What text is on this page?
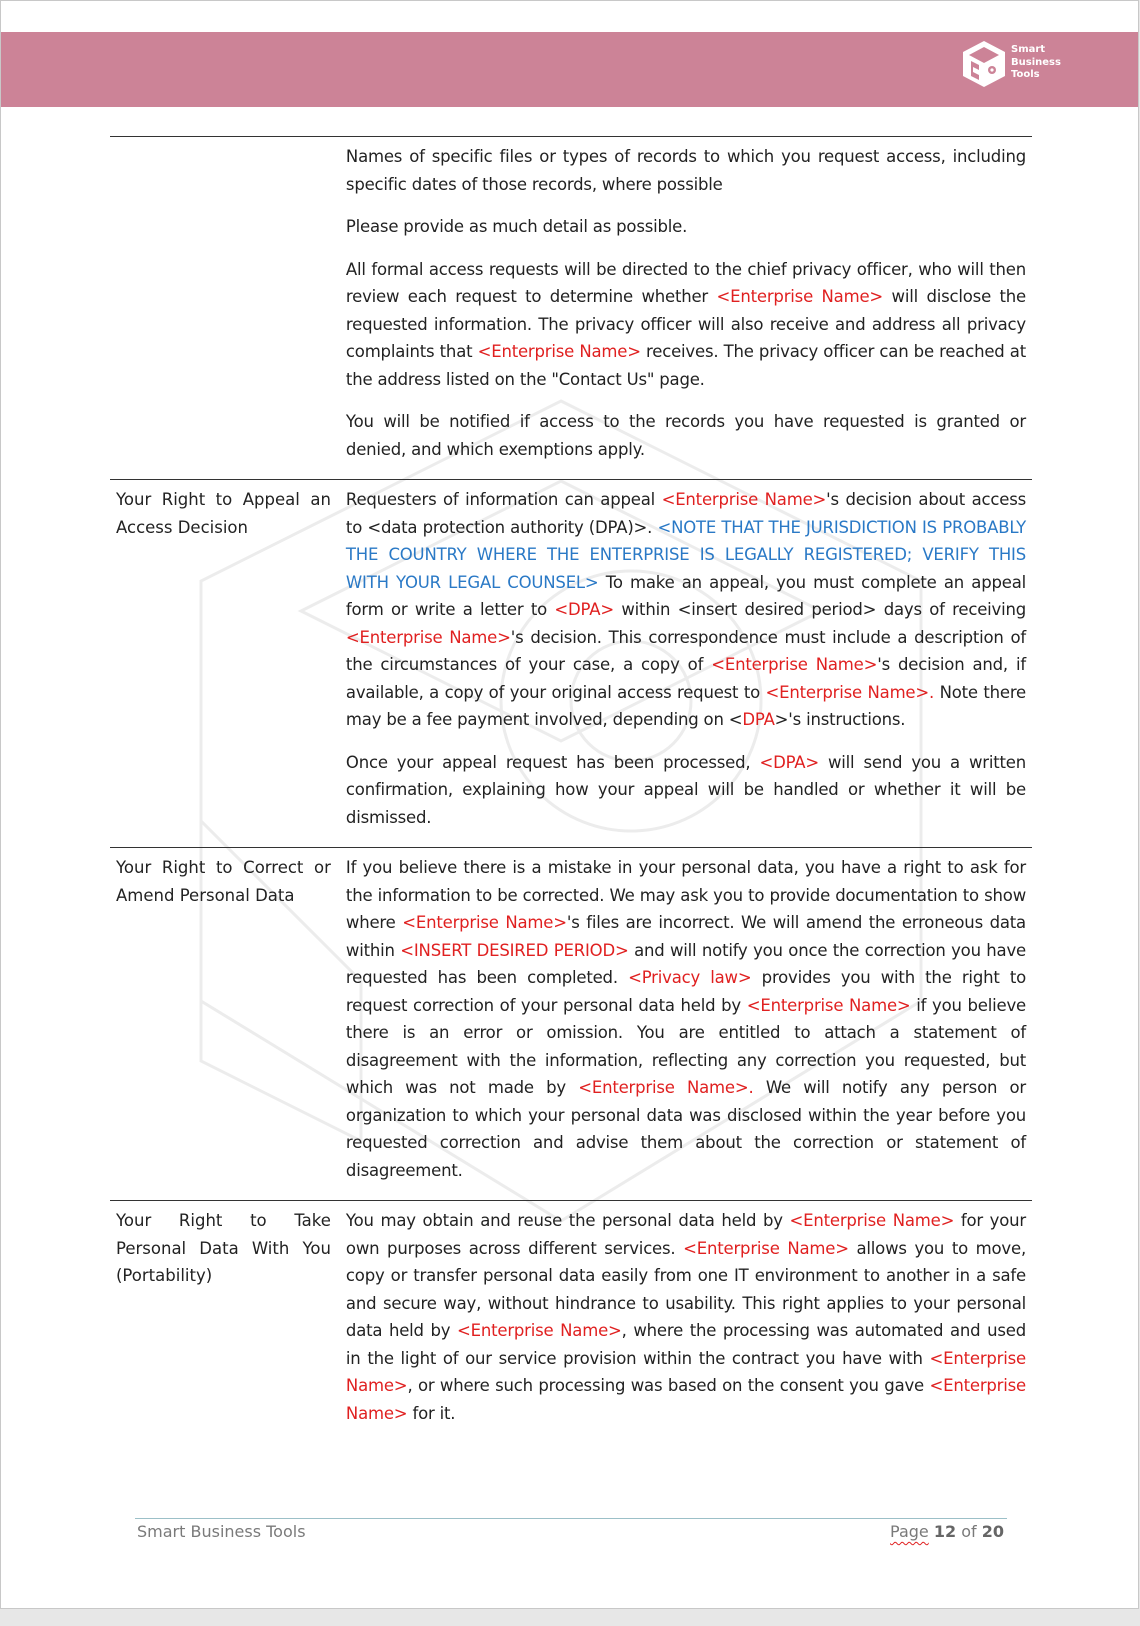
Smart
Business
Tools

	Names of specific files or types of records to which you request access, including specific dates of those records, where possible

Please provide as much detail as possible.

All formal access requests will be directed to the chief privacy officer, who will then review each request to determine whether <Enterprise Name> will disclose the requested information. The privacy officer will also receive and address all privacy complaints that <Enterprise Name> receives. The privacy officer can be reached at the address listed on the "Contact Us" page.

You will be notified if access to the records you have requested is granted or denied, and which exemptions apply.

Your Right to Appeal an Access Decision	Requesters of information can appeal <Enterprise Name>'s decision about access to <data protection authority (DPA)>. <NOTE THAT THE JURISDICTION IS PROBABLY THE COUNTRY WHERE THE ENTERPRISE IS LEGALLY REGISTERED; VERIFY THIS WITH YOUR LEGAL COUNSEL> To make an appeal, you must complete an appeal form or write a letter to <DPA> within <insert desired period> days of receiving <Enterprise Name>'s decision. This correspondence must include a description of the circumstances of your case, a copy of <Enterprise Name>'s decision and, if available, a copy of your original access request to <Enterprise Name>. Note there may be a fee payment involved, depending on <DPA>'s instructions.

Once your appeal request has been processed, <DPA> will send you a written confirmation, explaining how your appeal will be handled or whether it will be dismissed.

Your Right to Correct or Amend Personal Data	If you believe there is a mistake in your personal data, you have a right to ask for the information to be corrected. We may ask you to provide documentation to show where <Enterprise Name>'s files are incorrect. We will amend the erroneous data within <INSERT DESIRED PERIOD> and will notify you once the correction you have requested has been completed. <Privacy law> provides you with the right to request correction of your personal data held by <Enterprise Name> if you believe there is an error or omission. You are entitled to attach a statement of disagreement with the information, reflecting any correction you requested, but which was not made by <Enterprise Name>. We will notify any person or organization to which your personal data was disclosed within the year before you requested correction and advise them about the correction or statement of disagreement.

Your Right to Take Personal Data With You (Portability)	You may obtain and reuse the personal data held by <Enterprise Name> for your own purposes across different services. <Enterprise Name> allows you to move, copy or transfer personal data easily from one IT environment to another in a safe and secure way, without hindrance to usability. This right applies to your personal data held by <Enterprise Name>, where the processing was automated and used in the light of our service provision within the contract you have with <Enterprise Name>, or where such processing was based on the consent you gave <Enterprise Name> for it.

Smart Business Tools	Page 12 of 20
